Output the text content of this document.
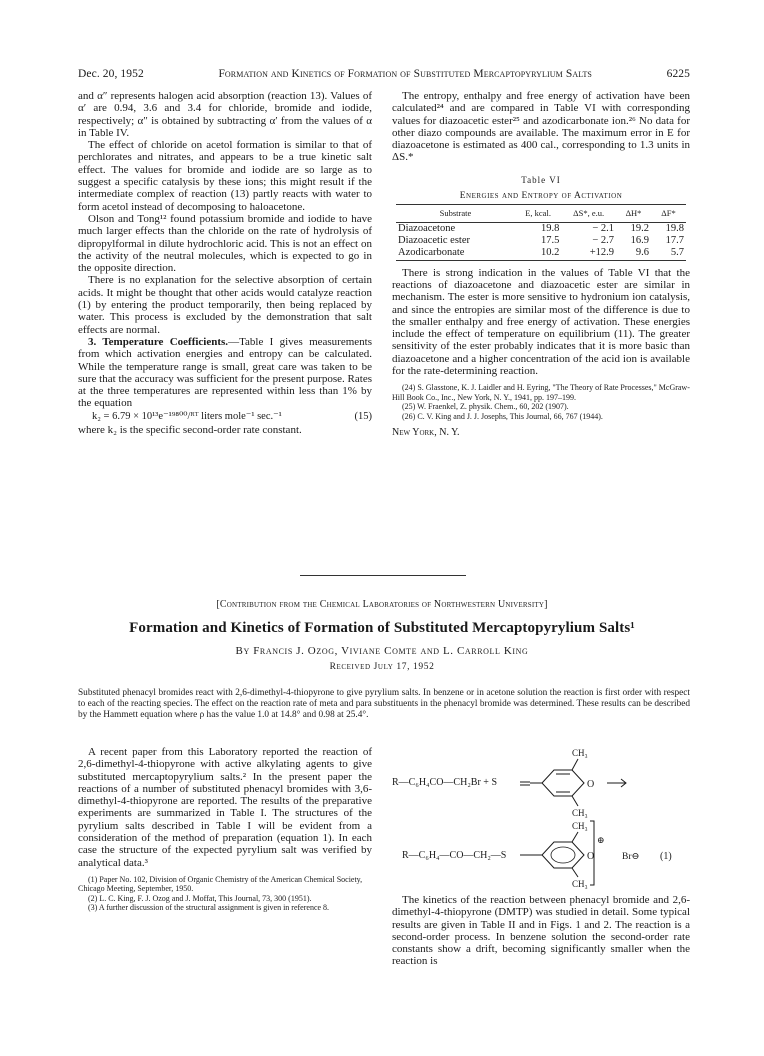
Dec. 20, 1952	Formation and Kinetics of Formation of Substituted Mercaptopyrylium Salts	6225

and α″ represents halogen acid absorption (reaction 13). Values of α′ are 0.94, 3.6 and 3.4 for chloride, bromide and iodide, respectively; α″ is obtained by subtracting α′ from the values of α in Table IV.

The effect of chloride on acetol formation is similar to that of perchlorates and nitrates, and appears to be a true kinetic salt effect. The values for bromide and iodide are so large as to suggest a specific catalysis by these ions; this might result if the intermediate complex of reaction (13) partly reacts with water to form acetol instead of decomposing to haloacetone.

Olson and Tong¹² found potassium bromide and iodide to have much larger effects than the chloride on the rate of hydrolysis of dipropylformal in dilute hydrochloric acid. This is not an effect on the activity of the neutral molecules, which is expected to go in the opposite direction.

There is no explanation for the selective absorption of certain acids. It might be thought that other acids would catalyze reaction (1) by entering the product temporarily, then being replaced by water. This process is excluded by the demonstration that salt effects are normal.

3. Temperature Coefficients.—Table I gives measurements from which activation energies and entropy can be calculated. While the temperature range is small, great care was taken to be sure that the accuracy was sufficient for the present purpose. Rates at the three temperatures are represented within less than 1% by the equation

k₂ = 6.79 × 10¹³e⁻¹⁹⁸⁰⁰/ᴿᵀ liters mole⁻¹ sec.⁻¹	(15)

where k₂ is the specific second-order rate constant.

The entropy, enthalpy and free energy of activation have been calculated²⁴ and are compared in Table VI with corresponding values for diazoacetic ester²⁵ and azodicarbonate ion.²⁶ No data for other diazo compounds are available. The maximum error in E for diazoacetone is estimated as 400 cal., corresponding to 1.3 units in ΔS.*

Table VI
Energies and Entropy of Activation
Substrate	E, kcal.	ΔS*, e.u.	ΔH*	ΔF*
Diazoacetone	19.8	− 2.1	19.2	19.8
Diazoacetic ester	17.5	− 2.7	16.9	17.7
Azodicarbonate	10.2	+12.9	9.6	5.7

There is strong indication in the values of Table VI that the reactions of diazoacetone and diazoacetic ester are similar in mechanism. The ester is more sensitive to hydronium ion catalysis, and since the entropies are similar most of the difference is due to the smaller enthalpy and free energy of activation. These energies include the effect of temperature on equilibrium (11). The greater sensitivity of the ester probably indicates that it is more basic than diazoacetone and a higher concentration of the acid ion is available for the rate-determining reaction.

(24) S. Glasstone, K. J. Laidler and H. Eyring, "The Theory of Rate Processes," McGraw-Hill Book Co., Inc., New York, N. Y., 1941, pp. 197–199.

(25) W. Fraenkel, Z. physik. Chem., 60, 202 (1907).

(26) C. V. King and J. J. Josephs, This Journal, 66, 767 (1944).

New York, N. Y.
[Contribution from the Chemical Laboratories of Northwestern University]
Formation and Kinetics of Formation of Substituted Mercaptopyrylium Salts¹
By Francis J. Ozog, Viviane Comte and L. Carroll King
Received July 17, 1952
Substituted phenacyl bromides react with 2,6-dimethyl-4-thiopyrone to give pyrylium salts. In benzene or in acetone solution the reaction is first order with respect to each of the reacting species. The effect on the reaction rate of meta and para substituents in the phenacyl bromide was determined. These results can be described by the Hammett equation where ρ has the value 1.0 at 14.8° and 0.98 at 25.4°.

A recent paper from this Laboratory reported the reaction of 2,6-dimethyl-4-thiopyrone with active alkylating agents to give substituted mercaptopyrylium salts.² In the present paper the reactions of a number of substituted phenacyl bromides with 3,6-dimethyl-4-thiopyrone are reported. The results of the preparative experiments are summarized in Table I. The structures of the pyrylium salts described in Table I will be evident from a consideration of the method of preparation (equation 1). In each case the structure of the expected pyrylium salt was verified by analytical data.³

(1) Paper No. 102, Division of Organic Chemistry of the American Chemical Society, Chicago Meeting, September, 1950.

(2) L. C. King, F. J. Ozog and J. Moffat, This Journal, 73, 300 (1951).

(3) A further discussion of the structural assignment is given in reference 8.

R—C₆H₄CO—CH₂Br + S	O
CH₃
CH₃
R—C₆H₄—CO—CH₂—S	O
CH₃
CH₃
⊕
Br⊖ (1)

The kinetics of the reaction between phenacyl bromide and 2,6-dimethyl-4-thiopyrone (DMTP) was studied in detail. Some typical results are given in Table II and in Figs. 1 and 2. The reaction is a second-order process. In benzene solution the second-order rate constants show a drift, becoming significantly smaller when the reaction is
